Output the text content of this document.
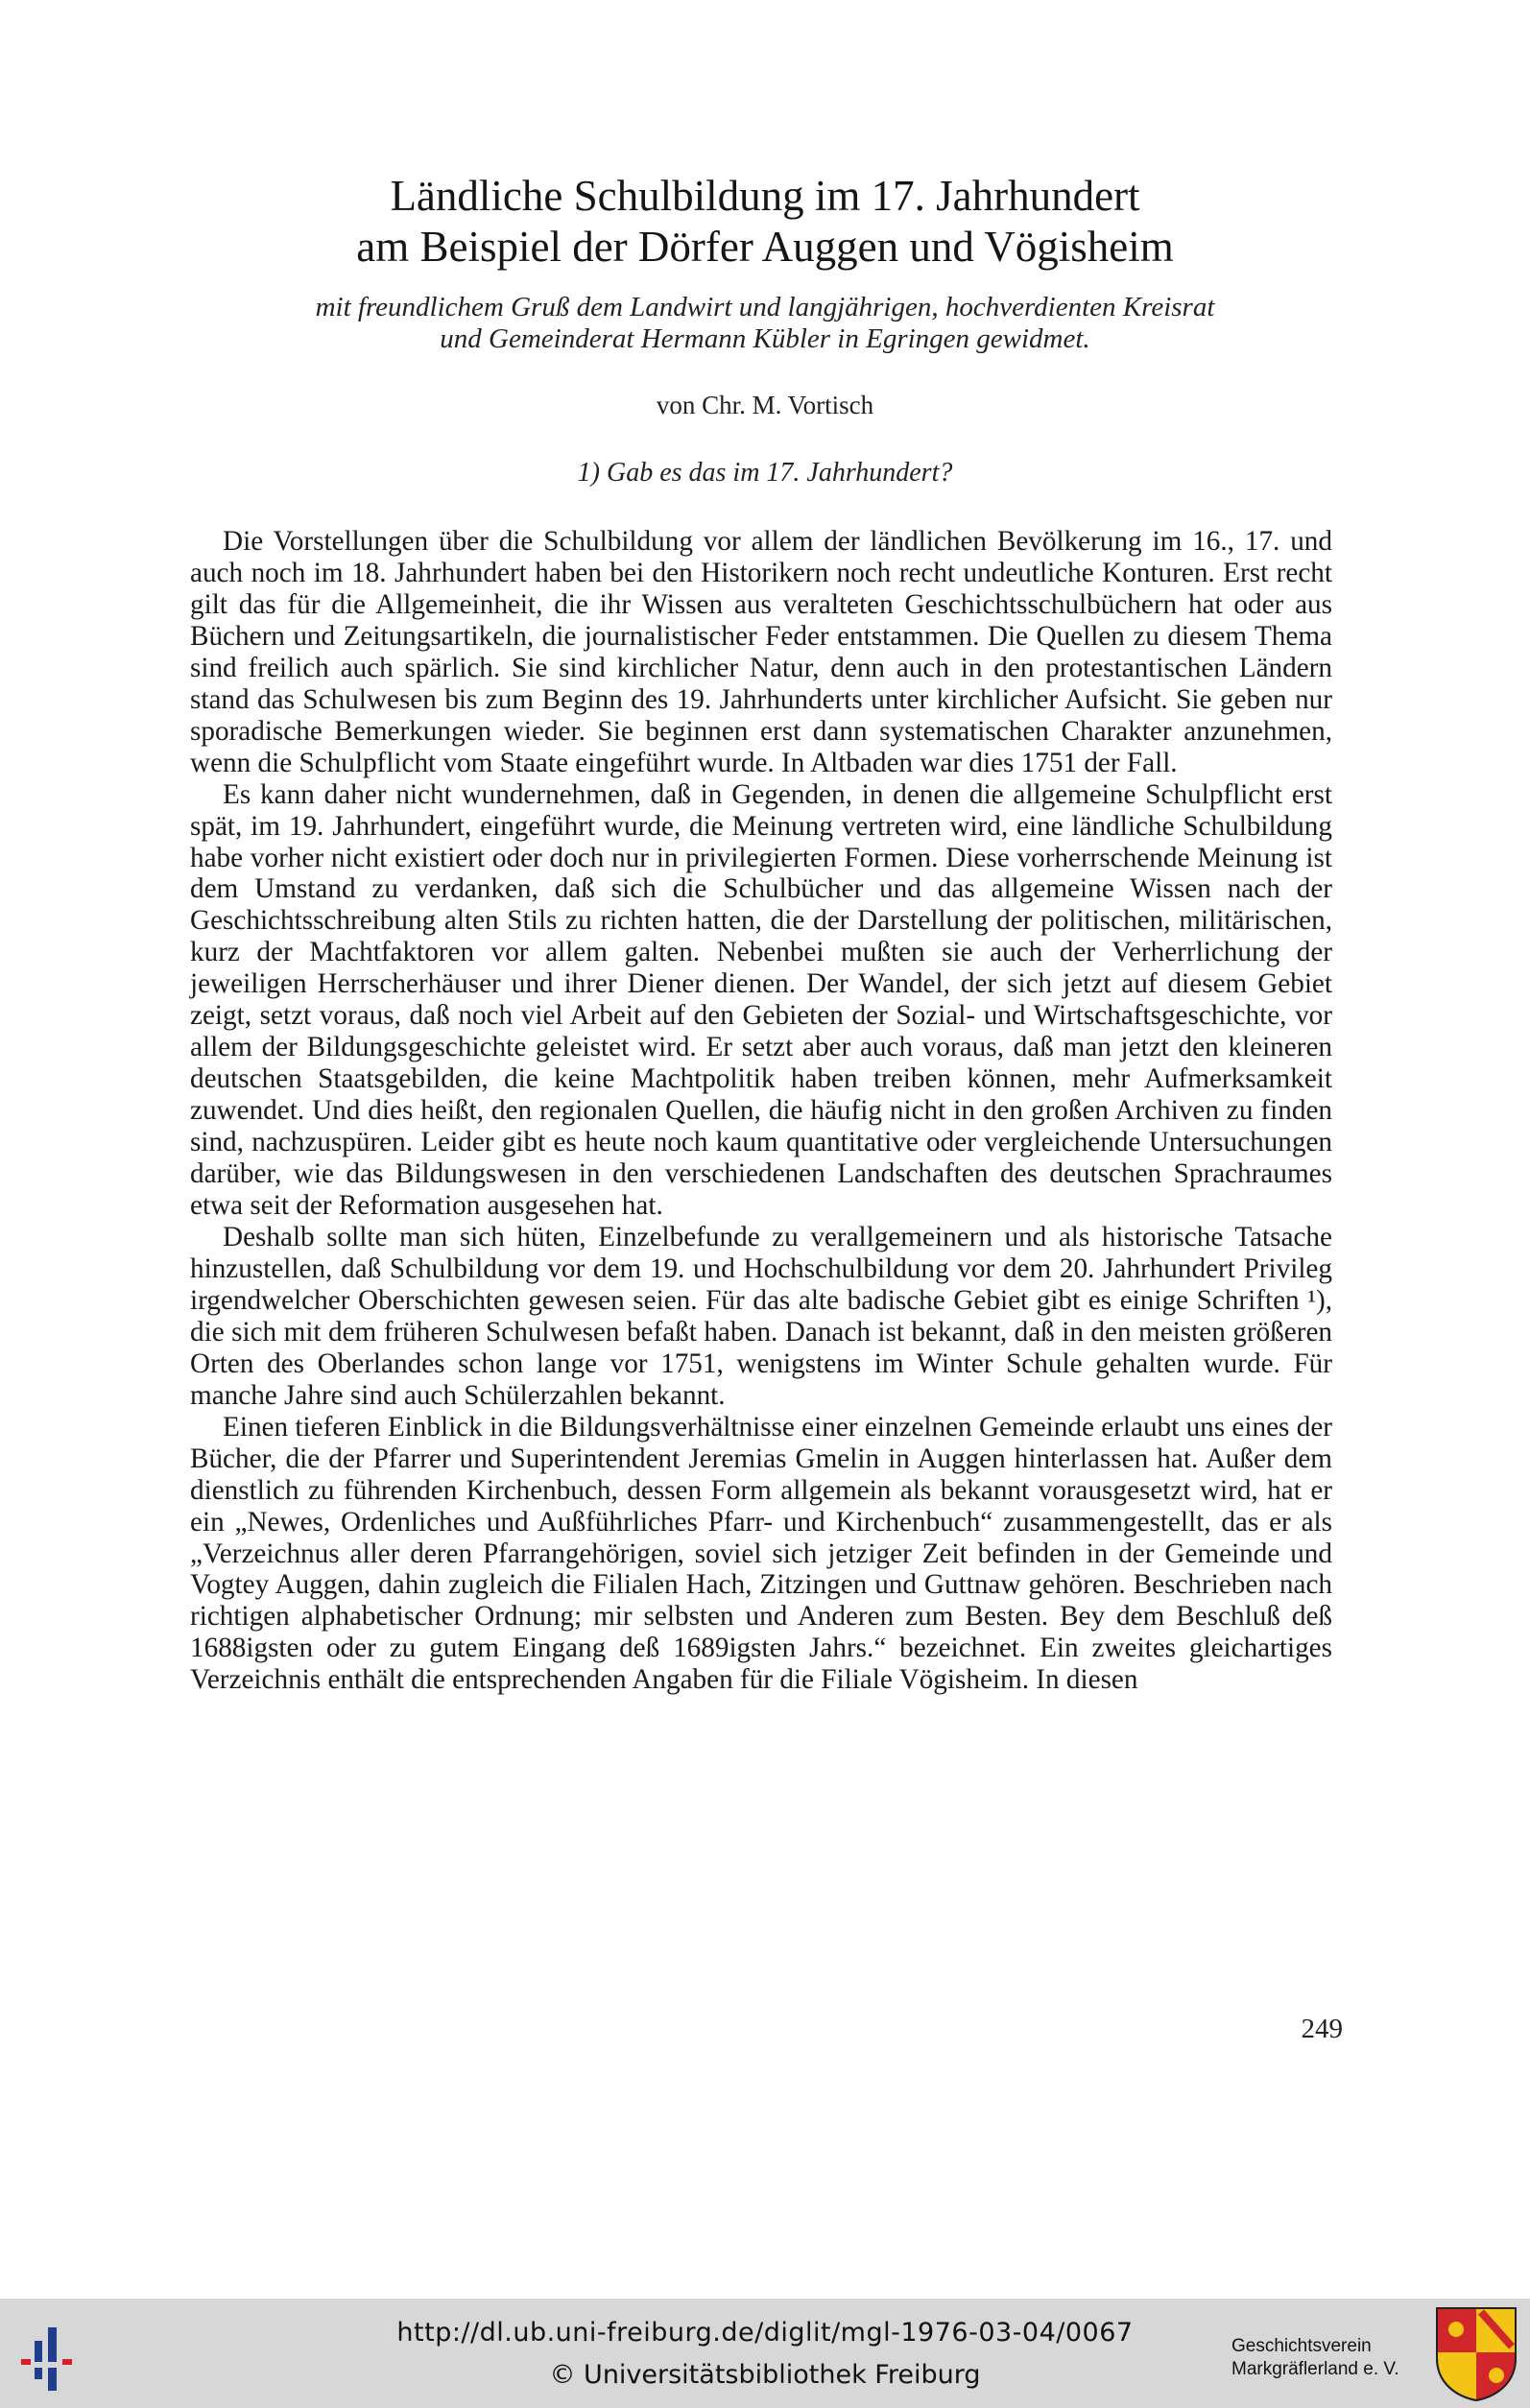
Ländliche Schulbildung im 17. Jahrhundert
am Beispiel der Dörfer Auggen und Vögisheim
mit freundlichem Gruß dem Landwirt und langjährigen, hochverdienten Kreisrat
und Gemeinderat Hermann Kübler in Egringen gewidmet.
von Chr. M. Vortisch
1) Gab es das im 17. Jahrhundert?

Die Vorstellungen über die Schulbildung vor allem der ländlichen Bevölkerung im 16., 17. und auch noch im 18. Jahrhundert haben bei den Historikern noch recht undeutliche Konturen. Erst recht gilt das für die Allgemeinheit, die ihr Wissen aus veralteten Geschichtsschulbüchern hat oder aus Büchern und Zeitungsartikeln, die journalistischer Feder entstammen. Die Quellen zu diesem Thema sind freilich auch spärlich. Sie sind kirchlicher Natur, denn auch in den protestantischen Ländern stand das Schulwesen bis zum Beginn des 19. Jahrhunderts unter kirchlicher Aufsicht. Sie geben nur sporadische Bemerkungen wieder. Sie beginnen erst dann systematischen Charakter anzunehmen, wenn die Schulpflicht vom Staate eingeführt wurde. In Altbaden war dies 1751 der Fall.

Es kann daher nicht wundernehmen, daß in Gegenden, in denen die allgemeine Schulpflicht erst spät, im 19. Jahrhundert, eingeführt wurde, die Meinung vertreten wird, eine ländliche Schulbildung habe vorher nicht existiert oder doch nur in privilegierten Formen. Diese vorherrschende Meinung ist dem Umstand zu verdanken, daß sich die Schulbücher und das allgemeine Wissen nach der Geschichtsschreibung alten Stils zu richten hatten, die der Darstellung der politischen, militärischen, kurz der Machtfaktoren vor allem galten. Nebenbei mußten sie auch der Verherrlichung der jeweiligen Herrscherhäuser und ihrer Diener dienen. Der Wandel, der sich jetzt auf diesem Gebiet zeigt, setzt voraus, daß noch viel Arbeit auf den Gebieten der Sozial- und Wirtschaftsgeschichte, vor allem der Bildungsgeschichte geleistet wird. Er setzt aber auch voraus, daß man jetzt den kleineren deutschen Staatsgebilden, die keine Machtpolitik haben treiben können, mehr Aufmerksamkeit zuwendet. Und dies heißt, den regionalen Quellen, die häufig nicht in den großen Archiven zu finden sind, nachzuspüren. Leider gibt es heute noch kaum quantitative oder vergleichende Untersuchungen darüber, wie das Bildungswesen in den verschiedenen Landschaften des deutschen Sprachraumes etwa seit der Reformation ausgesehen hat.

Deshalb sollte man sich hüten, Einzelbefunde zu verallgemeinern und als historische Tatsache hinzustellen, daß Schulbildung vor dem 19. und Hochschulbildung vor dem 20. Jahrhundert Privileg irgendwelcher Oberschichten gewesen seien. Für das alte badische Gebiet gibt es einige Schriften ¹), die sich mit dem früheren Schulwesen befaßt haben. Danach ist bekannt, daß in den meisten größeren Orten des Oberlandes schon lange vor 1751, wenigstens im Winter Schule gehalten wurde. Für manche Jahre sind auch Schülerzahlen bekannt.

Einen tieferen Einblick in die Bildungsverhältnisse einer einzelnen Gemeinde erlaubt uns eines der Bücher, die der Pfarrer und Superintendent Jeremias Gmelin in Auggen hinterlassen hat. Außer dem dienstlich zu führenden Kirchenbuch, dessen Form allgemein als bekannt vorausgesetzt wird, hat er ein „Newes, Ordenliches und Außführliches Pfarr- und Kirchenbuch“ zusammengestellt, das er als „Verzeichnus aller deren Pfarrangehörigen, soviel sich jetziger Zeit befinden in der Gemeinde und Vogtey Auggen, dahin zugleich die Filialen Hach, Zitzingen und Guttnaw gehören. Beschrieben nach richtigen alphabetischer Ordnung; mir selbsten und Anderen zum Besten. Bey dem Beschluß deß 1688igsten oder zu gutem Eingang deß 1689igsten Jahrs.“ bezeichnet. Ein zweites gleichartiges Verzeichnis enthält die entsprechenden Angaben für die Filiale Vögisheim. In diesen

249
http://dl.ub.uni-freiburg.de/diglit/mgl-1976-03-04/0067
© Universitätsbibliothek Freiburg
Geschichtsverein
Markgräflerland e. V.
